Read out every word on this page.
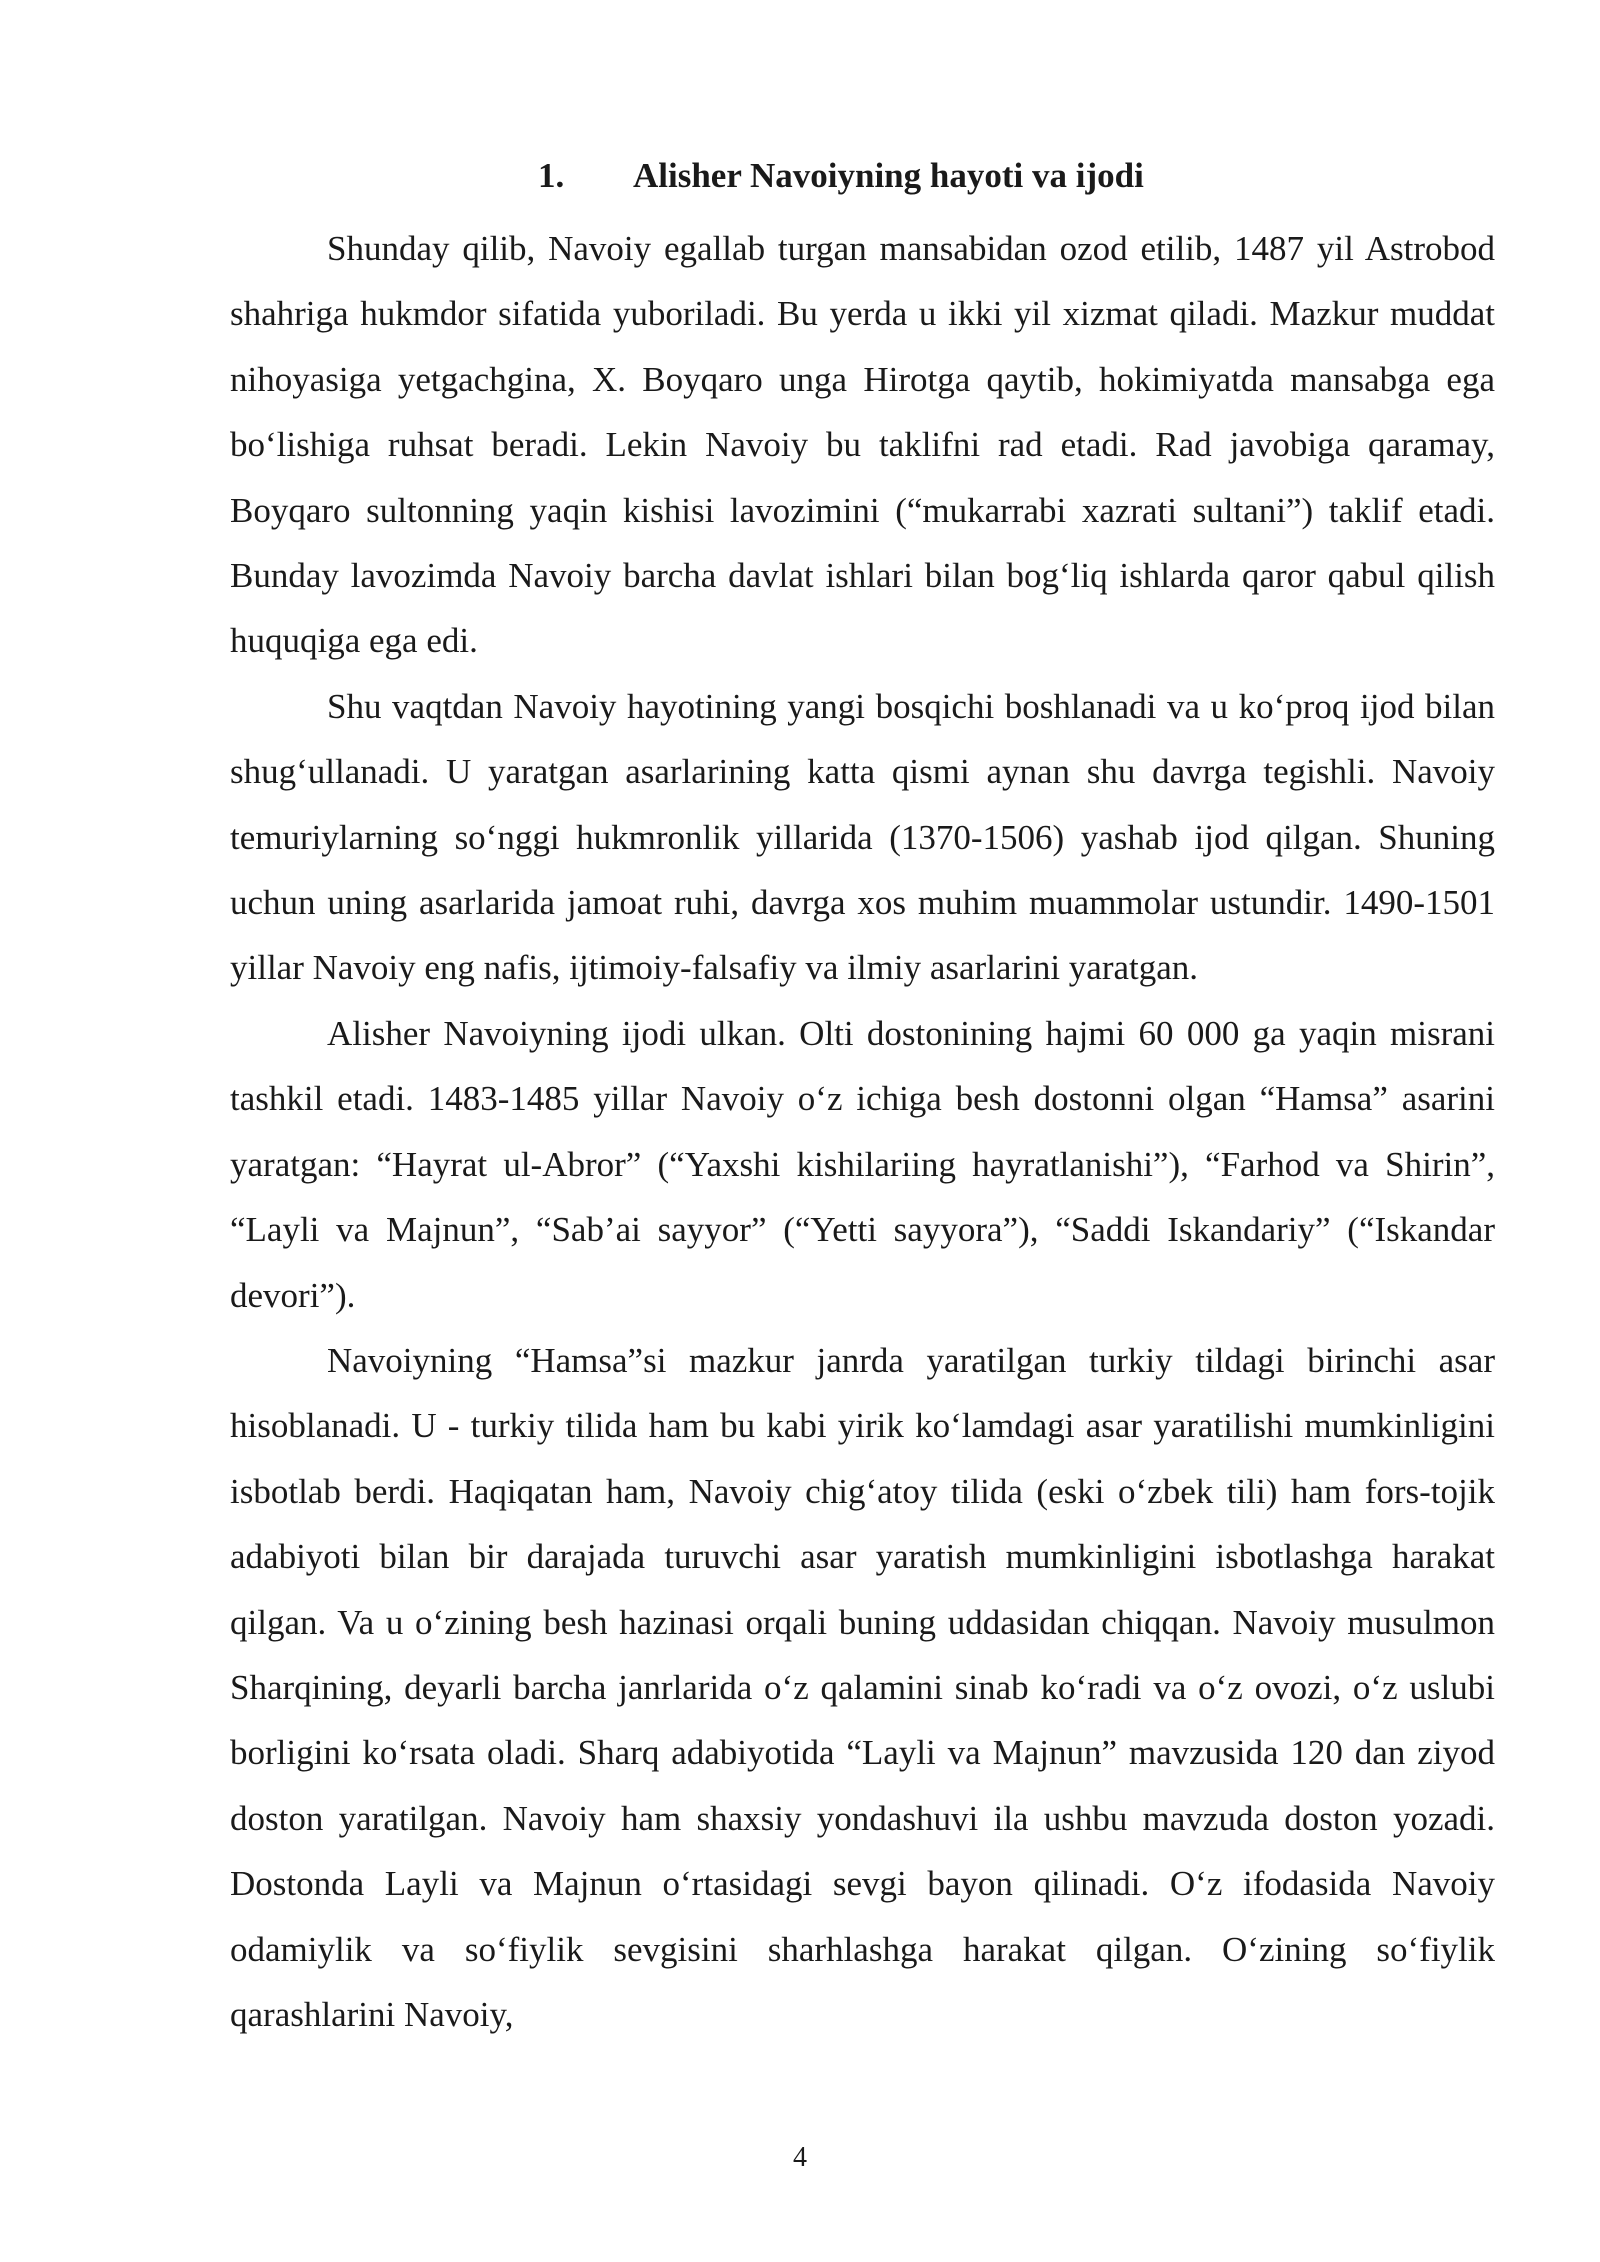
1. Alisher Navoiyning hayoti va ijodi

Shunday qilib, Navoiy egallab turgan mansabidan ozod etilib, 1487 yil Astrobod shahriga hukmdor sifatida yuboriladi. Bu yerda u ikki yil xizmat qiladi. Mazkur muddat nihoyasiga yetgachgina, X. Boyqaro unga Hirotga qaytib, hokimiyatda mansabga ega bo‘lishiga ruhsat beradi. Lekin Navoiy bu taklifni rad etadi. Rad javobiga qaramay, Boyqaro sultonning yaqin kishisi lavozimini (“mukarrabi xazrati sultani”) taklif etadi. Bunday lavozimda Navoiy barcha davlat ishlari bilan bog‘liq ishlarda qaror qabul qilish huquqiga ega edi.

Shu vaqtdan Navoiy hayotining yangi bosqichi boshlanadi va u ko‘proq ijod bilan shug‘ullanadi. U yaratgan asarlarining katta qismi aynan shu davrga tegishli. Navoiy temuriylarning so‘nggi hukmronlik yillarida (1370-1506) yashab ijod qilgan. Shuning uchun uning asarlarida jamoat ruhi, davrga xos muhim muammolar ustundir. 1490-1501 yillar Navoiy eng nafis, ijtimoiy-falsafiy va ilmiy asarlarini yaratgan.

Alisher Navoiyning ijodi ulkan. Olti dostonining hajmi 60 000 ga yaqin misrani tashkil etadi. 1483-1485 yillar Navoiy o‘z ichiga besh dostonni olgan “Hamsa” asarini yaratgan: “Hayrat ul-Abror” (“Yaxshi kishilariing hayratlanishi”), “Farhod va Shirin”, “Layli va Majnun”, “Sab’ai sayyor” (“Yetti sayyora”), “Saddi Iskandariy” (“Iskandar devori”).

Navoiyning “Hamsa”si mazkur janrda yaratilgan turkiy tildagi birinchi asar hisoblanadi. U - turkiy tilida ham bu kabi yirik ko‘lamdagi asar yaratilishi mumkinligini isbotlab berdi. Haqiqatan ham, Navoiy chig‘atoy tilida (eski o‘zbek tili) ham fors-tojik adabiyoti bilan bir darajada turuvchi asar yaratish mumkinligini isbotlashga harakat qilgan. Va u o‘zining besh hazinasi orqali buning uddasidan chiqqan. Navoiy musulmon Sharqining, deyarli barcha janrlarida o‘z qalamini sinab ko‘radi va o‘z ovozi, o‘z uslubi borligini ko‘rsata oladi. Sharq adabiyotida “Layli va Majnun” mavzusida 120 dan ziyod doston yaratilgan. Navoiy ham shaxsiy yondashuvi ila ushbu mavzuda doston yozadi. Dostonda Layli va Majnun o‘rtasidagi sevgi bayon qilinadi. O‘z ifodasida Navoiy odamiylik va so‘fiylik sevgisini sharhlashga harakat qilgan. O‘zining so‘fiylik qarashlarini Navoiy,

4
